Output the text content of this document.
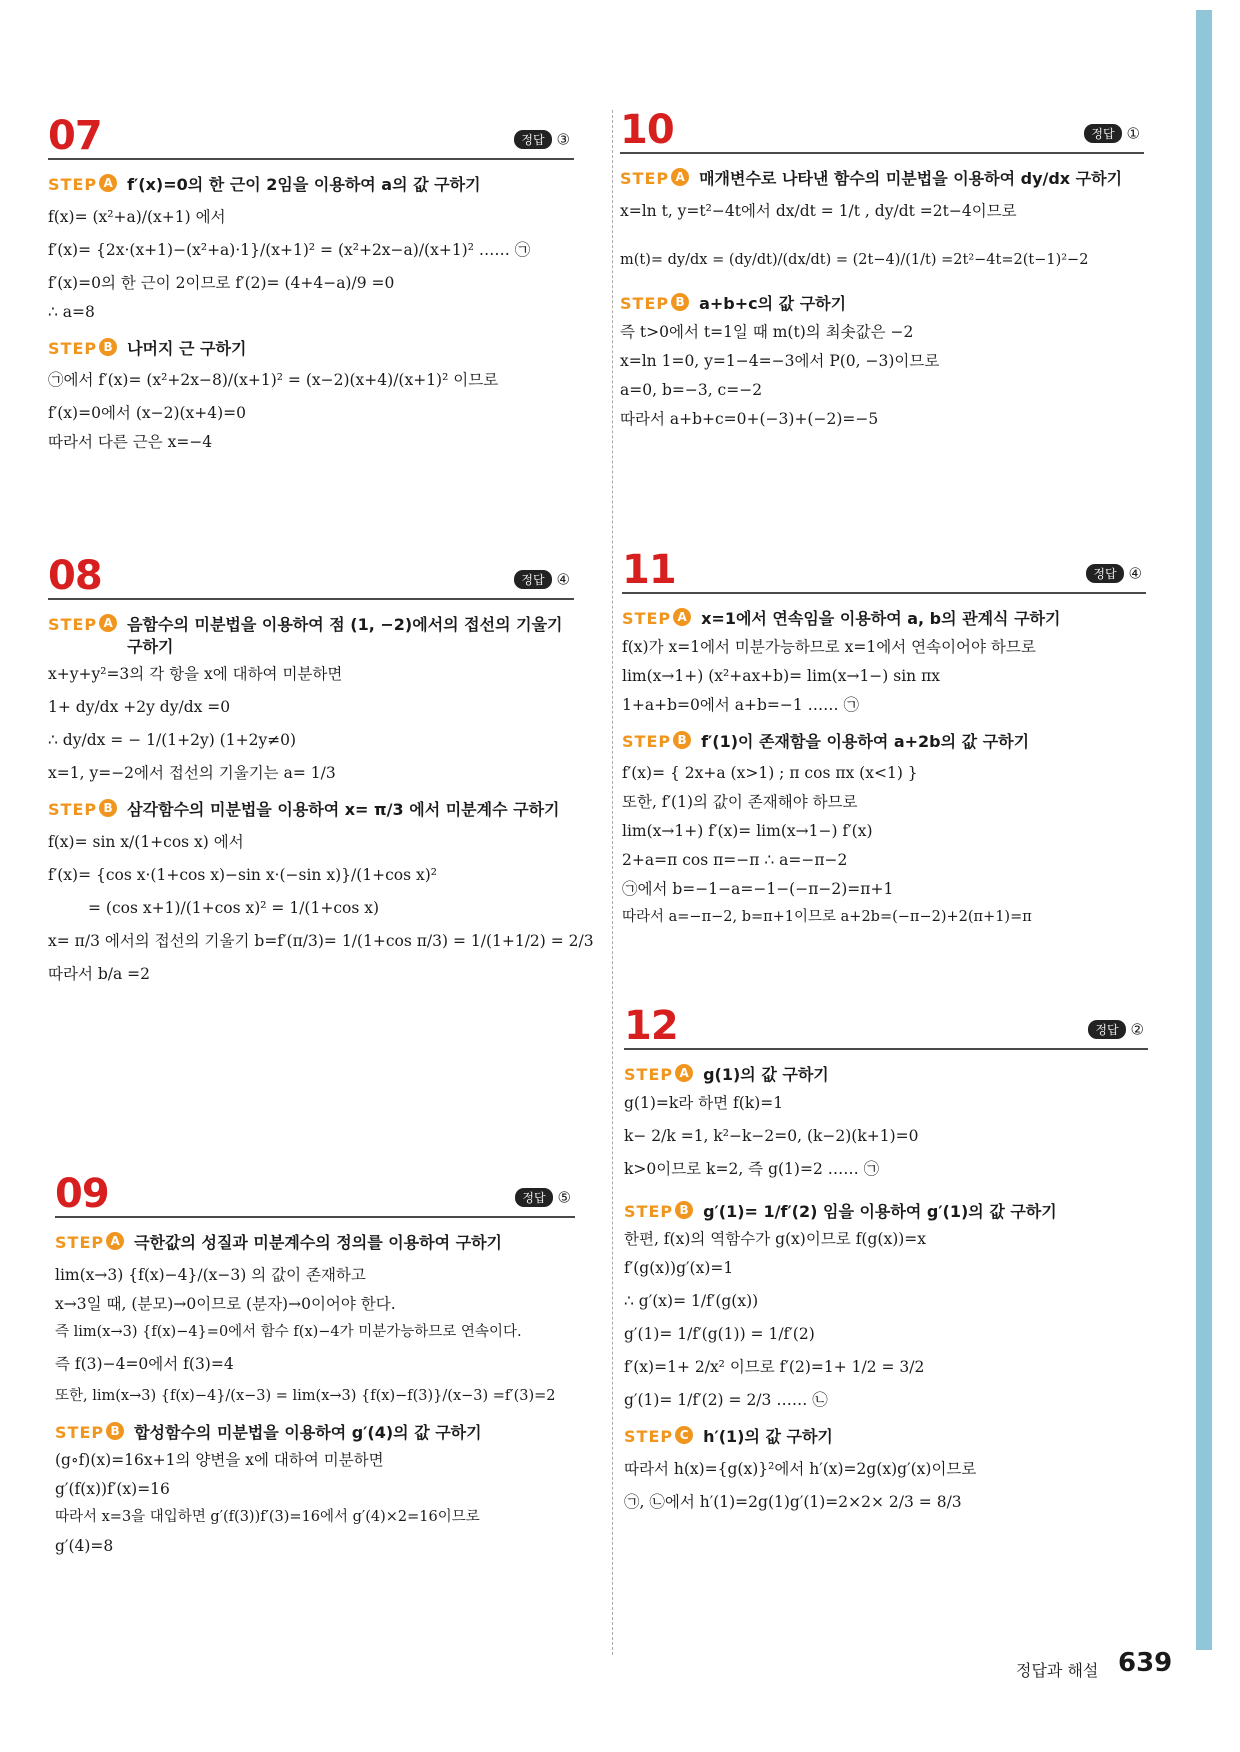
07	정답 ③
STEP A f′(x)=0의 한 근이 2임을 이용하여 a의 값 구하기
f(x)= (x²+a)/(x+1) 에서
f′(x)= {2x·(x+1)−(x²+a)·1}/(x+1)² = (x²+2x−a)/(x+1)² …… ㉠
f′(x)=0의 한 근이 2이므로 f′(2)= (4+4−a)/9 =0
∴ a=8
STEP B 나머지 근 구하기
㉠에서 f′(x)= (x²+2x−8)/(x+1)² = (x−2)(x+4)/(x+1)² 이므로
f′(x)=0에서 (x−2)(x+4)=0
따라서 다른 근은 x=−4
08	정답 ④
STEP A 음함수의 미분법을 이용하여 점 (1, −2)에서의 접선의 기울기 구하기
x+y+y²=3의 각 항을 x에 대하여 미분하면
1+ dy/dx +2y dy/dx =0
∴ dy/dx = − 1/(1+2y) (1+2y≠0)
x=1, y=−2에서 접선의 기울기는 a= 1/3
STEP B 삼각함수의 미분법을 이용하여 x= π/3 에서 미분계수 구하기
f(x)= sin x/(1+cos x) 에서
f′(x)= {cos x·(1+cos x)−sin x·(−sin x)}/(1+cos x)²
= (cos x+1)/(1+cos x)² = 1/(1+cos x)
x= π/3 에서의 접선의 기울기 b=f′(π/3)= 1/(1+cos π/3) = 1/(1+1/2) = 2/3
따라서 b/a =2
09	정답 ⑤
STEP A 극한값의 성질과 미분계수의 정의를 이용하여 구하기
lim(x→3) {f(x)−4}/(x−3) 의 값이 존재하고
x→3일 때, (분모)→0이므로 (분자)→0이어야 한다.
즉 lim(x→3) {f(x)−4}=0에서 함수 f(x)−4가 미분가능하므로 연속이다.
즉 f(3)−4=0에서 f(3)=4
또한, lim(x→3) {f(x)−4}/(x−3) = lim(x→3) {f(x)−f(3)}/(x−3) =f′(3)=2
STEP B 합성함수의 미분법을 이용하여 g′(4)의 값 구하기
(g∘f)(x)=16x+1의 양변을 x에 대하여 미분하면
g′(f(x))f′(x)=16
따라서 x=3을 대입하면 g′(f(3))f′(3)=16에서 g′(4)×2=16이므로
g′(4)=8
10	정답 ①
STEP A 매개변수로 나타낸 함수의 미분법을 이용하여 dy/dx 구하기
x=ln t, y=t²−4t에서 dx/dt = 1/t , dy/dt =2t−4이므로
m(t)= dy/dx = (dy/dt)/(dx/dt) = (2t−4)/(1/t) =2t²−4t=2(t−1)²−2
STEP B a+b+c의 값 구하기
즉 t>0에서 t=1일 때 m(t)의 최솟값은 −2
x=ln 1=0, y=1−4=−3에서 P(0, −3)이므로
a=0, b=−3, c=−2
따라서 a+b+c=0+(−3)+(−2)=−5
11	정답 ④
STEP A x=1에서 연속임을 이용하여 a, b의 관계식 구하기
f(x)가 x=1에서 미분가능하므로 x=1에서 연속이어야 하므로
lim(x→1+) (x²+ax+b)= lim(x→1−) sin πx
1+a+b=0에서 a+b=−1 …… ㉠
STEP B f′(1)이 존재함을 이용하여 a+2b의 값 구하기
f′(x)= { 2x+a (x>1) ; π cos πx (x<1) }
또한, f′(1)의 값이 존재해야 하므로
lim(x→1+) f′(x)= lim(x→1−) f′(x)
2+a=π cos π=−π ∴ a=−π−2
㉠에서 b=−1−a=−1−(−π−2)=π+1
따라서 a=−π−2, b=π+1이므로 a+2b=(−π−2)+2(π+1)=π
12	정답 ②
STEP A g(1)의 값 구하기
g(1)=k라 하면 f(k)=1
k− 2/k =1, k²−k−2=0, (k−2)(k+1)=0
k>0이므로 k=2, 즉 g(1)=2 …… ㉠
STEP B g′(1)= 1/f′(2) 임을 이용하여 g′(1)의 값 구하기
한편, f(x)의 역함수가 g(x)이므로 f(g(x))=x
f′(g(x))g′(x)=1
∴ g′(x)= 1/f′(g(x))
g′(1)= 1/f′(g(1)) = 1/f′(2)
f′(x)=1+ 2/x² 이므로 f′(2)=1+ 1/2 = 3/2
g′(1)= 1/f′(2) = 2/3 …… ㉡
STEP C h′(1)의 값 구하기
따라서 h(x)={g(x)}²에서 h′(x)=2g(x)g′(x)이므로
㉠, ㉡에서 h′(1)=2g(1)g′(1)=2×2× 2/3 = 8/3
정답과 해설 639
